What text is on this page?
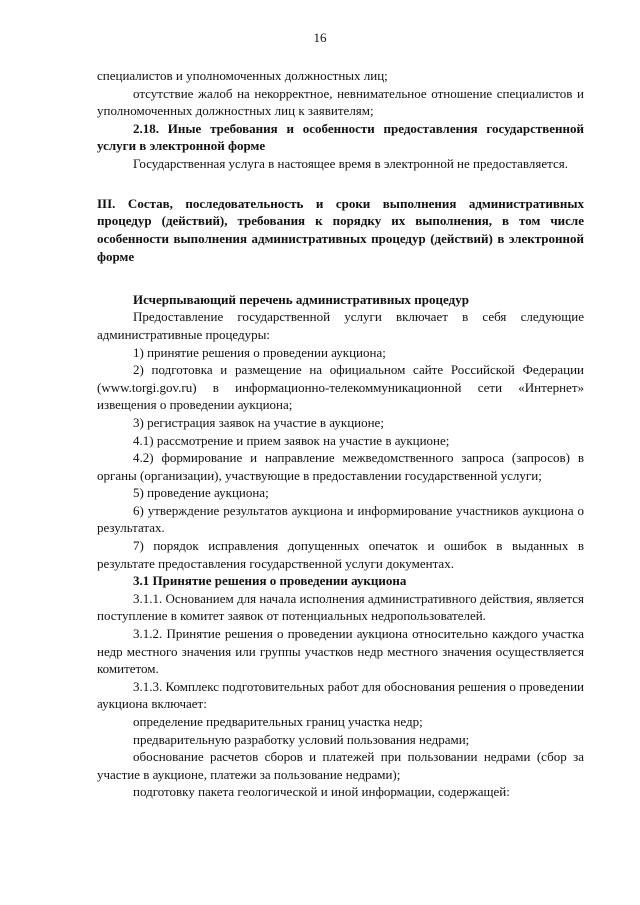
16

специалистов и уполномоченных должностных лиц;

отсутствие жалоб на некорректное, невнимательное отношение специалистов и уполномоченных должностных лиц к заявителям;

2.18. Иные требования и особенности предоставления государственной услуги в электронной форме

Государственная услуга в настоящее время в электронной не предоставляется.

III. Состав, последовательность и сроки выполнения административных процедур (действий), требования к порядку их выполнения, в том числе особенности выполнения административных процедур (действий) в электронной форме

Исчерпывающий перечень административных процедур

Предоставление государственной услуги включает в себя следующие административные процедуры:

1) принятие решения о проведении аукциона;

2) подготовка и размещение на официальном сайте Российской Федерации (www.torgi.gov.ru) в информационно-телекоммуникационной сети «Интернет» извещения о проведении аукциона;

3) регистрация заявок на участие в аукционе;

4.1) рассмотрение и прием заявок на участие в аукционе;

4.2) формирование и направление межведомственного запроса (запросов) в органы (организации), участвующие в предоставлении государственной услуги;

5) проведение аукциона;

6) утверждение результатов аукциона и информирование участников аукциона о результатах.

7) порядок исправления допущенных опечаток и ошибок в выданных в результате предоставления государственной услуги документах.

3.1 Принятие решения о проведении аукциона

3.1.1. Основанием для начала исполнения административного действия, является поступление в комитет заявок от потенциальных недропользователей.

3.1.2. Принятие решения о проведении аукциона относительно каждого участка недр местного значения или группы участков недр местного значения осуществляется комитетом.

3.1.3. Комплекс подготовительных работ для обоснования решения о проведении аукциона включает:

определение предварительных границ участка недр;

предварительную разработку условий пользования недрами;

обоснование расчетов сборов и платежей при пользовании недрами (сбор за участие в аукционе, платежи за пользование недрами);

подготовку пакета геологической и иной информации, содержащей:
